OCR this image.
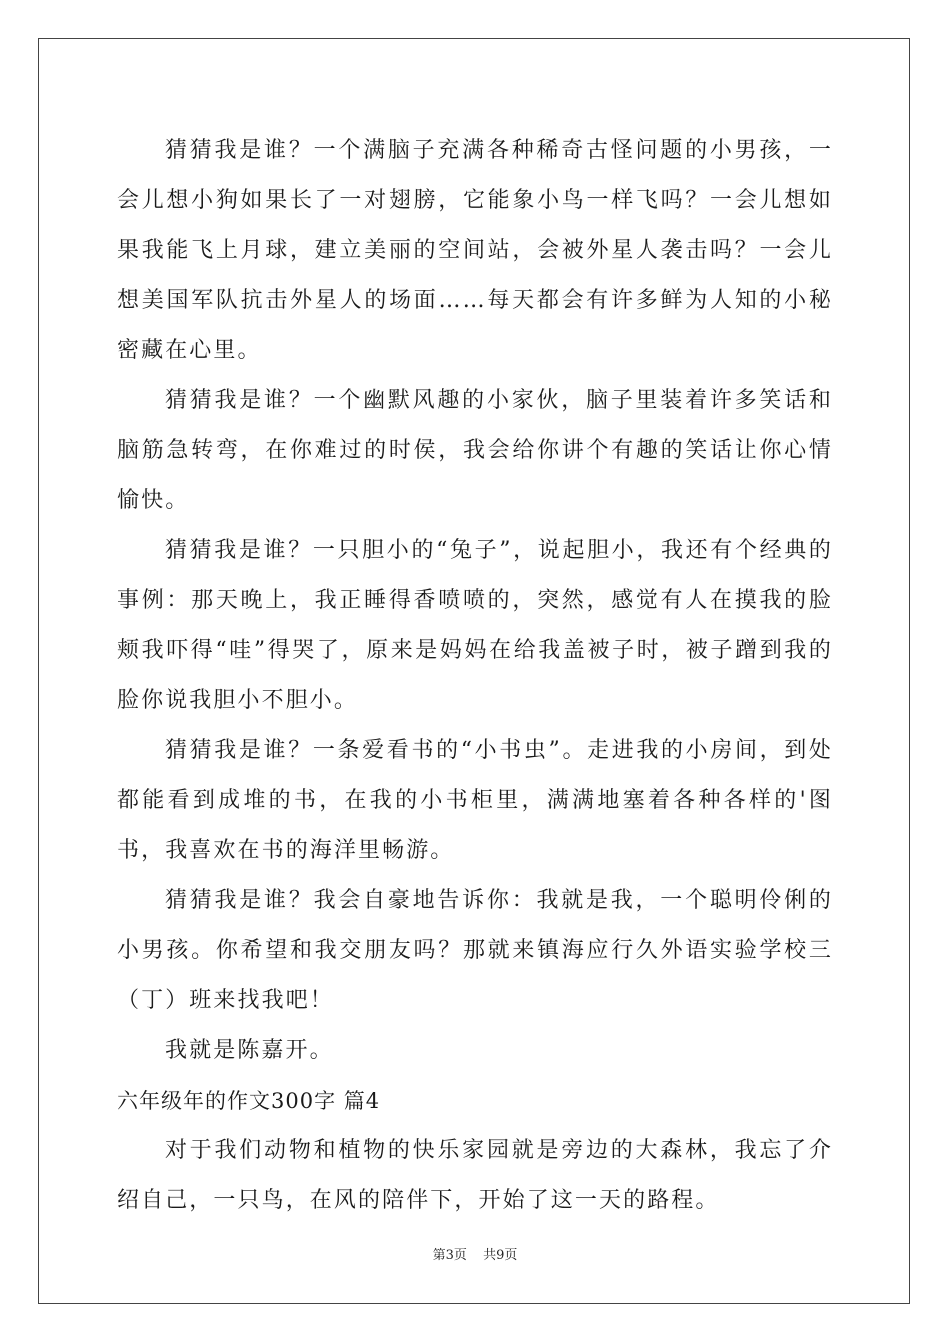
猜猜我是谁？一个满脑子充满各种稀奇古怪问题的小男孩，一会儿想小狗如果长了一对翅膀，它能象小鸟一样飞吗？一会儿想如果我能飞上月球，建立美丽的空间站，会被外星人袭击吗？一会儿想美国军队抗击外星人的场面……每天都会有许多鲜为人知的小秘密藏在心里。

猜猜我是谁？一个幽默风趣的小家伙，脑子里装着许多笑话和脑筋急转弯，在你难过的时侯，我会给你讲个有趣的笑话让你心情愉快。

猜猜我是谁？一只胆小的“兔子”，说起胆小，我还有个经典的事例：那天晚上，我正睡得香喷喷的，突然，感觉有人在摸我的脸颊我吓得“哇”得哭了，原来是妈妈在给我盖被子时，被子蹭到我的脸你说我胆小不胆小。

猜猜我是谁？一条爱看书的“小书虫”。走进我的小房间，到处都能看到成堆的书，在我的小书柜里，满满地塞着各种各样的'图书，我喜欢在书的海洋里畅游。

猜猜我是谁？我会自豪地告诉你：我就是我，一个聪明伶俐的小男孩。你希望和我交朋友吗？那就来镇海应行久外语实验学校三（丁）班来找我吧！

我就是陈嘉开。

六年级年的作文300字 篇4

对于我们动物和植物的快乐家园就是旁边的大森林，我忘了介绍自己，一只鸟，在风的陪伴下，开始了这一天的路程。

第3页 共9页
